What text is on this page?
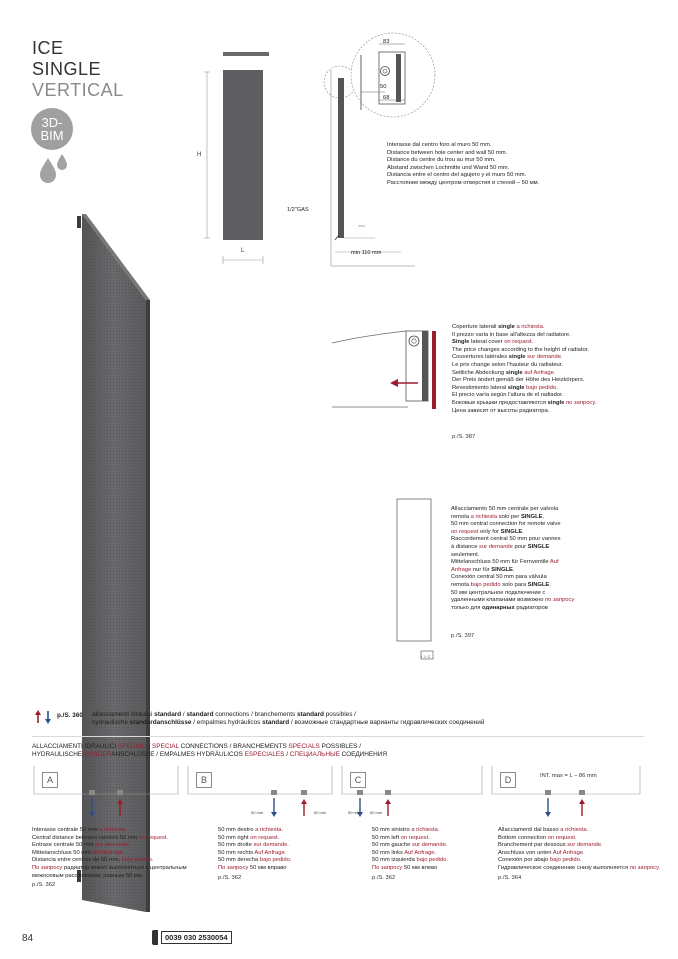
ICE
SINGLE
VERTICAL
3D-
BIM
H
L
83
50
68
1/2"GAS
min 110 mm
Interasse dal centro foro al muro 50 mm.
Distance between hole center and wall 50 mm.
Distance du centre du trou au mur 50 mm.
Abstand zwischen Lochmitte und Wand 50 mm.
Distancia entre el centro del agujero y el muro 50 mm.
Расстояние между центром отверстия и стеной – 50 мм.
Coperture laterali single a richiesta.
Il prezzo varia in base all'altezza del radiatore.
Single lateral cover on request.
The price changes according to the height of radiator.
Couvertures latérales single sur demande.
Le prix change selon l'hauteur du radiateur.
Seitliche Abdeckung single auf Anfrage.
Der Preis ändert gemäß der Höhe des Heizkörpers.
Revestimiento lateral single bajo pedido.
El precio varía según l'altura de el radiador.
Боковые крышки предоставляются single по запросу.
Цена зависит от высоты радиатора.
p./S. 387
Allacciamento 50 mm centrale per valvola
remota a richiesta solo per SINGLE.
50 mm central connection for remote valve
on request only for SINGLE.
Raccordement central 50 mm pour vannes
à distance sur demande pour SINGLE
seulement.
Mittelanschluss 50 mm für Fernventile Auf
Anfrage nur für SINGLE.
Conexión central 50 mm para válvula
remota bajo pedido solo para SINGLE.
50 мм центральное подключение с
удаленными клапанами возможно по запросу
только для одинарных радиаторов
p./S. 397
I ⊃ C
p./S. 360 allacciamenti idraulici standard / standard connections / branchements standard possibles /
hydraulische standardanschlüsse / empalmes hydráulicos standard / возможные стандартные варианты гидравлических соединений
ALLACCIAMENTI IDRAULICI SPECIALI / SPECIAL CONNECTIONS / BRANCHEMENTS SPECIALS POSSIBLES /
HYDRAULISCHE SONDERANSCHLÜSSE / EMPALMES HYDRÁULICOS ESPECIALES / СПЕЦИАЛЬНЫЕ СОЕДИНЕНИЯ
A
Interasse centrale 50 mm a richiesta.
Central distance between centers 50 mm on request.
Entraxe centrale 50 mm sur demande.
Mittelanschluss 50 mm Auf Anfrage.
Distancia entre centros de 50 mm, bajo pedido.
По запросу радиатор может выполняться с центральным
межосевым расстоянием, равным 50 мм.
p./S. 362
B
50 mm	50 min
50 mm destro a richiesta.
50 mm right on request.
50 mm droite sur demande.
50 mm rechts Auf Anfrage.
50 mm derecha bajo pedido.
По запросу 50 мм вправо
p./S. 362
C
50 min 50 mm
50 mm sinistro a richiesta.
50 mm left on request.
50 mm gauche sur demande.
50 mm links Auf Anfrage.
50 mm izquierda bajo pedido.
По запросу 50 мм влево
p./S. 362
D	INT. max = L – 86 mm
Allacciamenti dal basso a richiesta.
Bottom connection on request.
Branchement par dessous sur demande.
Anschluss von unten Auf Anfrage.
Conexión por abajo bajo pedido.
Гидравлическое соединение снизу выполняется по запросу.
p./S. 364
84	0039 030 2530054
